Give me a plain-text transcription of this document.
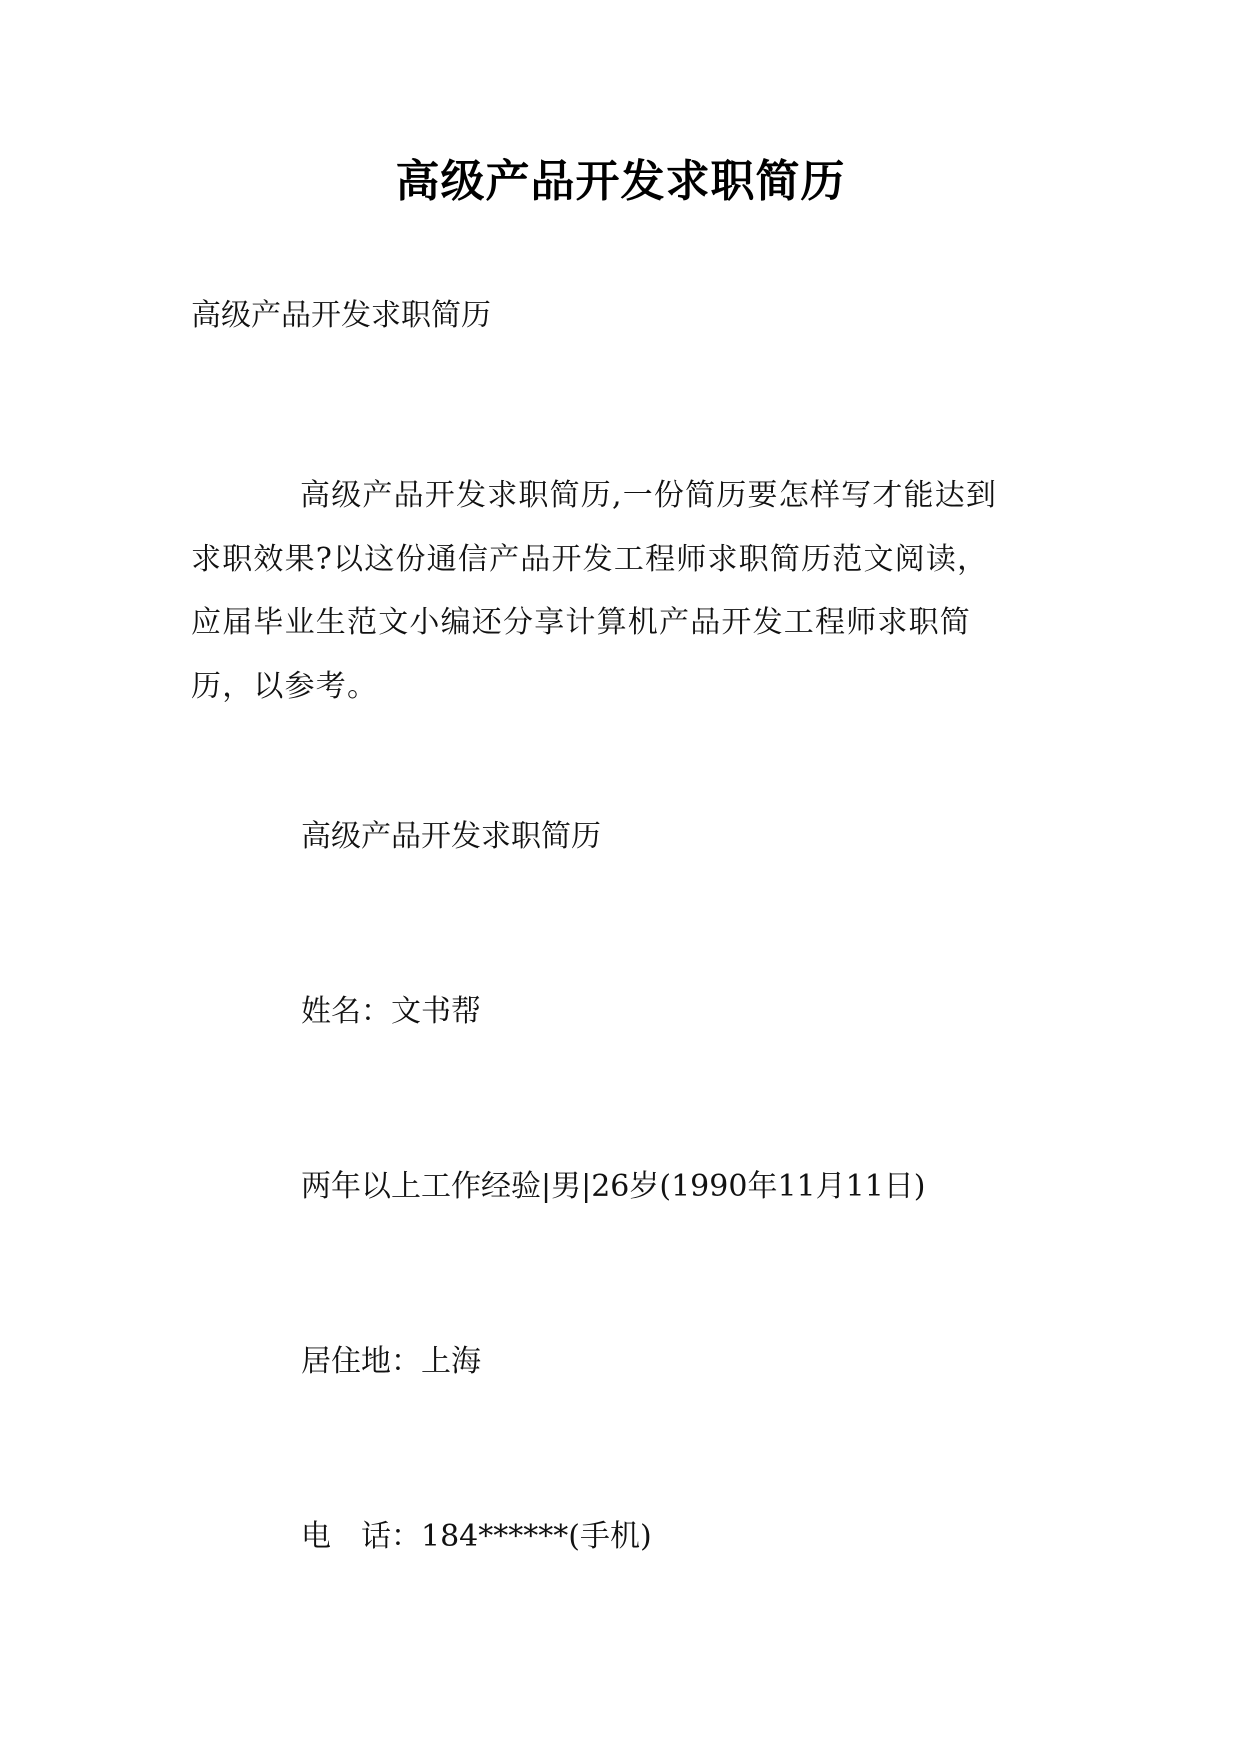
高级产品开发求职简历
高级产品开发求职简历
高级产品开发求职简历,一份简历要怎样写才能达到
求职效果?以这份通信产品开发工程师求职简历范文阅读，
应届毕业生范文小编还分享计算机产品开发工程师求职简
历，以参考。
高级产品开发求职简历
姓名：文书帮
两年以上工作经验|男|26岁(1990年11月11日)
居住地：上海
电　话：184******(手机)
